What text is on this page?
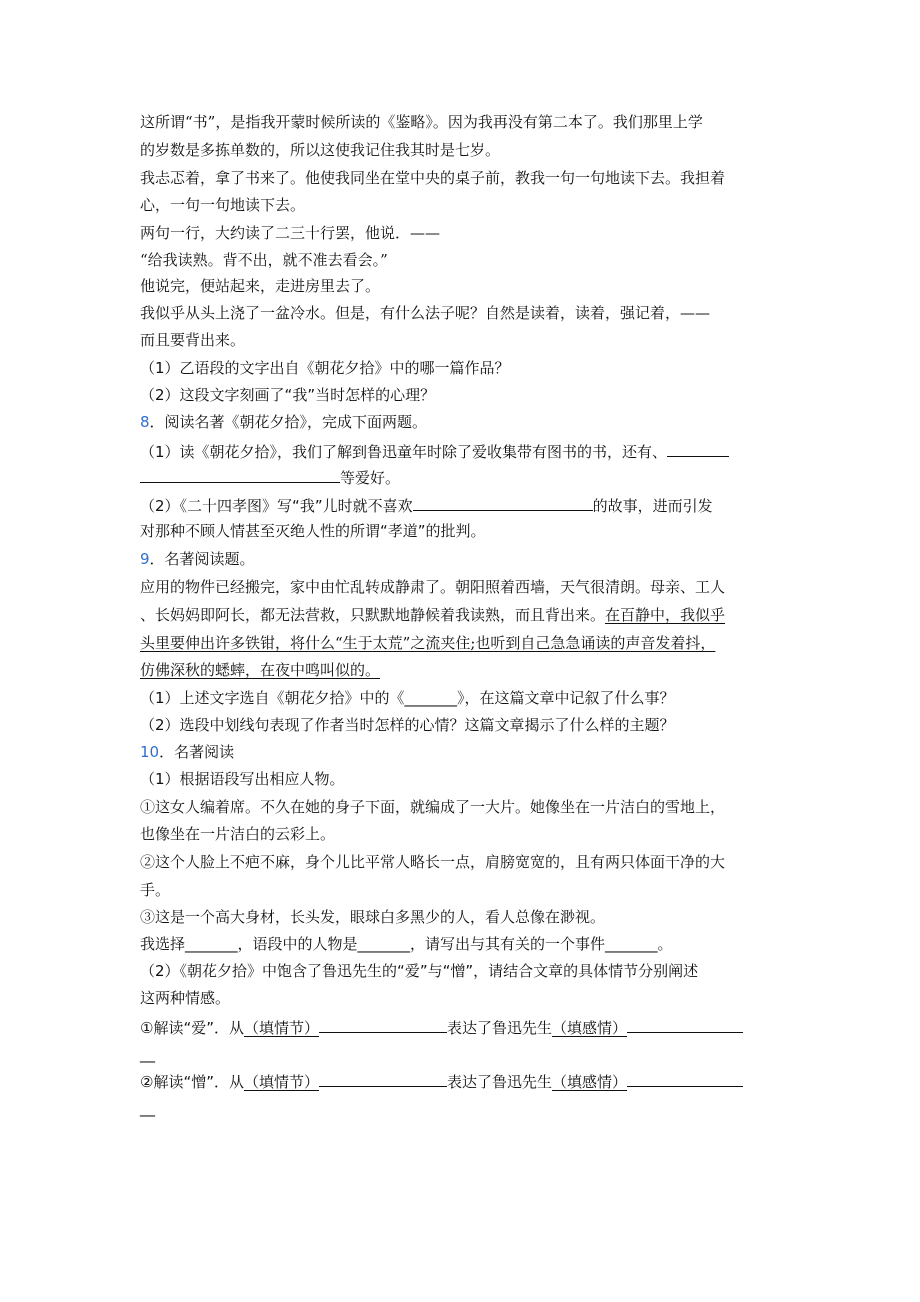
这所谓“书”，是指我开蒙时候所读的《鉴略》。因为我再没有第二本了。我们那里上学
的岁数是多拣单数的，所以这使我记住我其时是七岁。
我忐忑着，拿了书来了。他使我同坐在堂中央的桌子前，教我一句一句地读下去。我担着
心，一句一句地读下去。
两句一行，大约读了二三十行罢，他说．——
“给我读熟。背不出，就不准去看会。”
他说完，便站起来，走进房里去了。
我似乎从头上浇了一盆冷水。但是，有什么法子呢？自然是读着，读着，强记着，——
而且要背出来。
（1）乙语段的文字出自《朝花夕拾》中的哪一篇作品？
（2）这段文字刻画了“我”当时怎样的心理？
8．阅读名著《朝花夕拾》，完成下面两题。
（1）读《朝花夕拾》，我们了解到鲁迅童年时除了爱收集带有图书的书，还有、
等爱好。
（2）《二十四孝图》写“我”儿时就不喜欢	的故事，进而引发
对那种不顾人情甚至灭绝人性的所谓“孝道”的批判。
9．名著阅读题。
应用的物件已经搬完，家中由忙乱转成静肃了。朝阳照着西墙，天气很清朗。母亲、工人
、长妈妈即阿长，都无法营救，只默默地静候着我读熟，而且背出来。在百静中，我似乎
头里要伸出许多铁钳，将什么“生于太荒”之流夹住;也听到自己急急诵读的声音发着抖，
仿佛深秋的蟋蟀，在夜中鸣叫似的。
（1）上述文字选自《朝花夕拾》中的《_______》，在这篇文章中记叙了什么事？
（2）选段中划线句表现了作者当时怎样的心情？这篇文章揭示了什么样的主题？
10．名著阅读
（1）根据语段写出相应人物。
①这女人编着席。不久在她的身子下面，就编成了一大片。她像坐在一片洁白的雪地上，
也像坐在一片洁白的云彩上。
②这个人脸上不疤不麻，身个儿比平常人略长一点，肩膀宽宽的，且有两只体面干净的大
手。
③这是一个高大身材，长头发，眼球白多黑少的人，看人总像在渺视。
我选择_______，语段中的人物是_______，请写出与其有关的一个事件_______。
（2）《朝花夕拾》中饱含了鲁迅先生的“爱”与“憎”，请结合文章的具体情节分别阐述
这两种情感。
①解读“爱”．从（填情节）	表达了鲁迅先生（填感情）
__
②解读“憎”．从（填情节）	表达了鲁迅先生（填感情）
__
